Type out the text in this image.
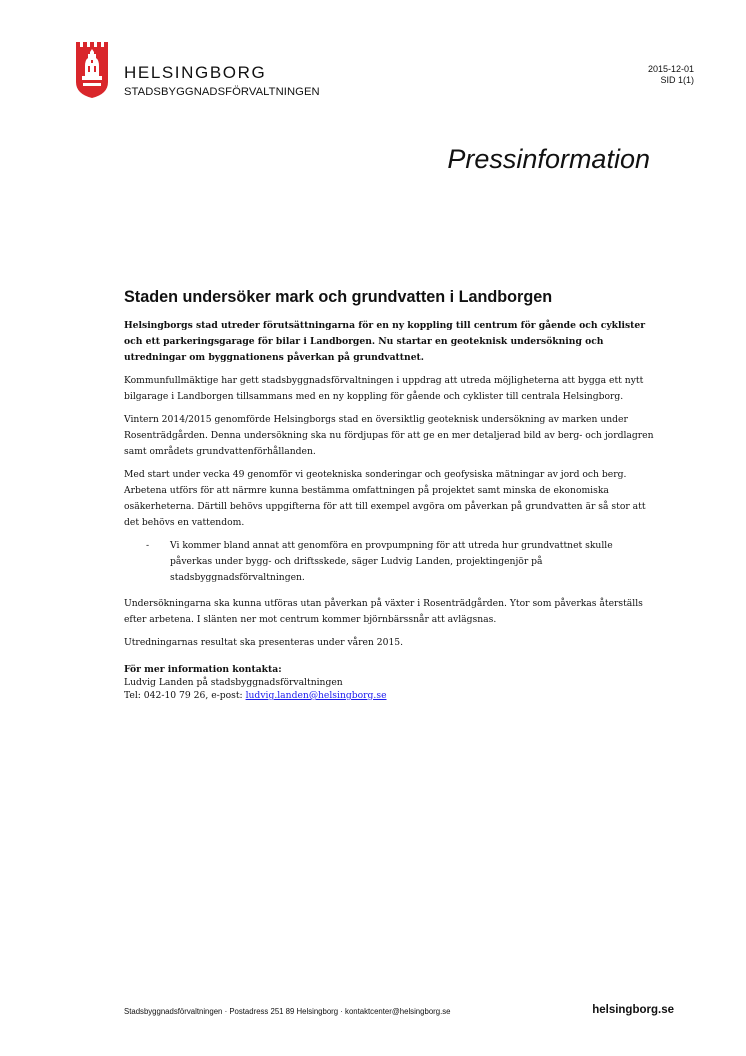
HELSINGBORG
STADSBYGGNADSFÖRVALTNINGEN
2015-12-01
SID 1(1)
Pressinformation
Staden undersöker mark och grundvatten i Landborgen

Helsingborgs stad utreder förutsättningarna för en ny koppling till centrum för gående och cyklister och ett parkeringsgarage för bilar i Landborgen. Nu startar en geoteknisk undersökning och utredningar om byggnationens påverkan på grundvattnet.

Kommunfullmäktige har gett stadsbyggnadsförvaltningen i uppdrag att utreda möjligheterna att bygga ett nytt bilgarage i Landborgen tillsammans med en ny koppling för gående och cyklister till centrala Helsingborg.

Vintern 2014/2015 genomförde Helsingborgs stad en översiktlig geoteknisk undersökning av marken under Rosenträdgården. Denna undersökning ska nu fördjupas för att ge en mer detaljerad bild av berg- och jordlagren samt områdets grundvattenförhållanden.

Med start under vecka 49 genomför vi geotekniska sonderingar och geofysiska mätningar av jord och berg. Arbetena utförs för att närmre kunna bestämma omfattningen på projektet samt minska de ekonomiska osäkerheterna. Därtill behövs uppgifterna för att till exempel avgöra om påverkan på grundvatten är så stor att det behövs en vattendom.

- Vi kommer bland annat att genomföra en provpumpning för att utreda hur grundvattnet skulle påverkas under bygg- och driftsskede, säger Ludvig Landen, projektingenjör på stadsbyggnadsförvaltningen.

Undersökningarna ska kunna utföras utan påverkan på växter i Rosenträdgården. Ytor som påverkas återställs efter arbetena. I slänten ner mot centrum kommer björnbärssnår att avlägsnas.

Utredningarnas resultat ska presenteras under våren 2015.

För mer information kontakta:
Ludvig Landen på stadsbyggnadsförvaltningen
Tel: 042-10 79 26, e-post: ludvig.landen@helsingborg.se
Stadsbyggnadsförvaltningen · Postadress 251 89 Helsingborg · kontaktcenter@helsingborg.se	helsingborg.se
